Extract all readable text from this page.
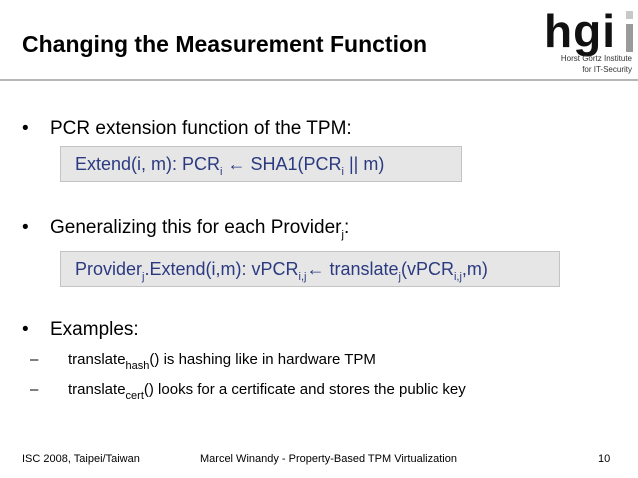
Changing the Measurement Function	hgi
Horst Görtz Institute
for IT-Security
• PCR extension function of the TPM:
Extend(i, m): $PCR_i$ ← $SHA1(PCR_i$ || m)
• Generalizing this for each Provider$_j$:
Provider$_j$.Extend(i,m): vPCR$_{i,j}$← translate$_j$(vPCR$_{i,j}$,m)
• Examples:
– translate$_{hash}$() is hashing like in hardware TPM
– translate$_{cert}$() looks for a certificate and stores the public key
ISC 2008, Taipei/Taiwan	Marcel Winandy - Property-Based TPM Virtualization	10
